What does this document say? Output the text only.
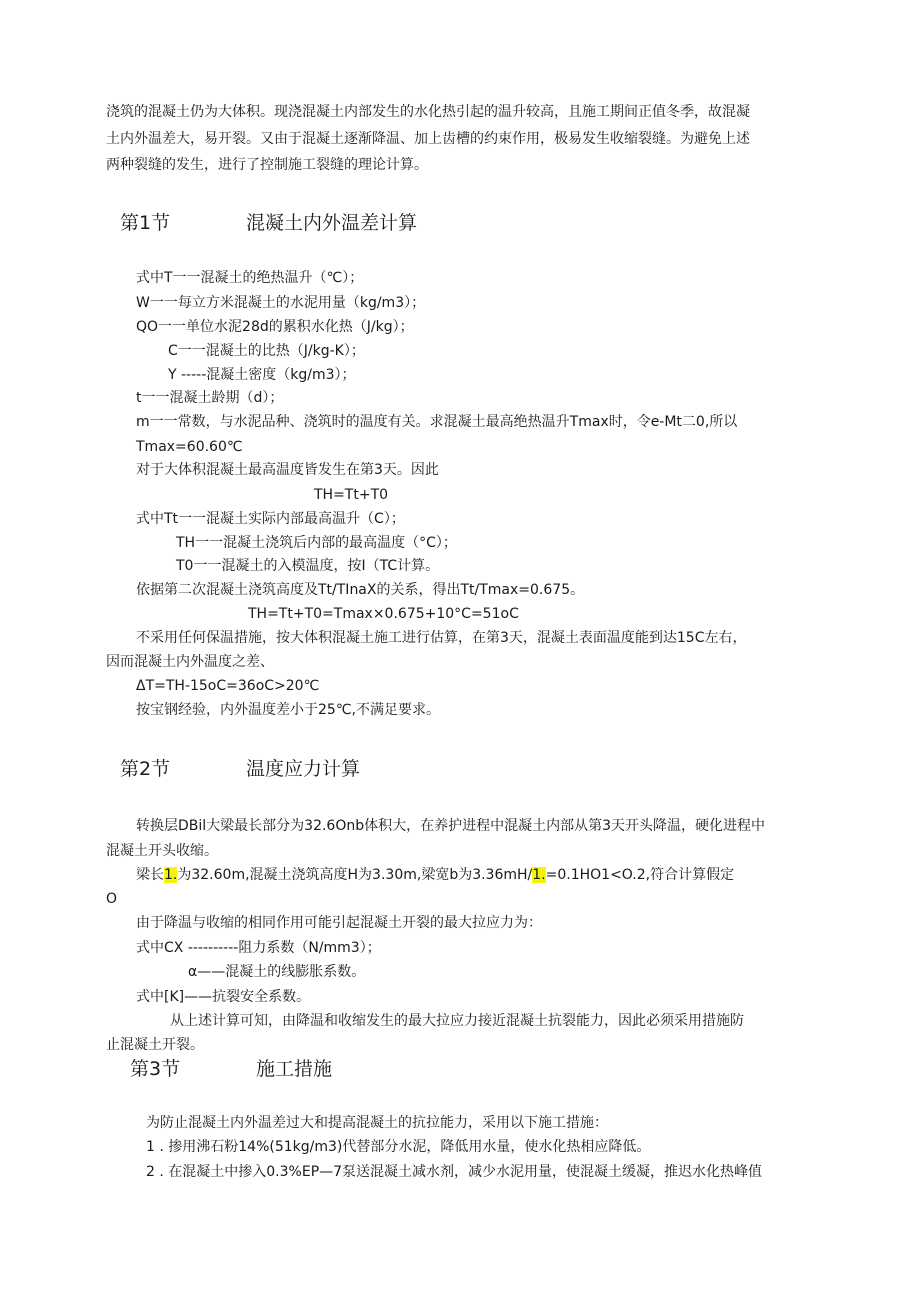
浇筑的混凝土仍为大体积。现浇混凝土内部发生的水化热引起的温升较高，且施工期间正值冬季，故混凝
土内外温差大，易开裂。又由于混凝土逐渐降温、加上齿槽的约束作用，极易发生收缩裂缝。为避免上述
两种裂缝的发生，进行了控制施工裂缝的理论计算。
第1节	混凝土内外温差计算
式中T一一混凝土的绝热温升（℃）；
W一一每立方米混凝土的水泥用量（kg/m3）；
QO一一单位水泥28d的累积水化热（J/kg）；
C一一混凝土的比热（J/kg-K）；
Y -----混凝土密度（kg/m3）；
t一一混凝土龄期（d）；
m一一常数，与水泥品种、浇筑时的温度有关。求混凝土最高绝热温升Tmax时，令e-Mt二0,所以
Tmax=60.60℃
对于大体积混凝土最高温度皆发生在第3天。因此
TH=Tt+T0
式中Tt一一混凝土实际内部最高温升（C）；
TH一一混凝土浇筑后内部的最高温度（°C）；
T0一一混凝土的入模温度，按I（TC计算。
依据第二次混凝土浇筑高度及Tt/TInaX的关系，得出Tt/Tmax=0.675。
TH=Tt+T0=Tmax×0.675+10°C=51oC
不采用任何保温措施，按大体积混凝土施工进行估算，在第3天，混凝土表面温度能到达15C左右，
因而混凝土内外温度之差、
ΔT=TH-15oC=36oC>20℃
按宝钢经验，内外温度差小于25℃,不满足要求。
第2节	温度应力计算
转换层DBil大梁最长部分为32.6Onb体积大，在养护进程中混凝土内部从第3天开头降温，硬化进程中
混凝土开头收缩。
梁长1.为32.60m,混凝土浇筑高度H为3.30m,梁宽b为3.36mH/1.=0.1HO1<O.2,符合计算假定
O
由于降温与收缩的相同作用可能引起混凝土开裂的最大拉应力为：
式中CX ----------阻力系数（N/mm3）；
α——混凝土的线膨胀系数。
式中[K]——抗裂安全系数。
从上述计算可知，由降温和收缩发生的最大拉应力接近混凝土抗裂能力，因此必须采用措施防
止混凝土开裂。
第3节	施工措施
为防止混凝土内外温差过大和提高混凝土的抗拉能力，采用以下施工措施：
1 . 掺用沸石粉14%(51kg/m3)代替部分水泥，降低用水量，使水化热相应降低。
2 . 在混凝土中掺入0.3%EP—7泵送混凝土减水剂，减少水泥用量，使混凝土缓凝，推迟水化热峰值
